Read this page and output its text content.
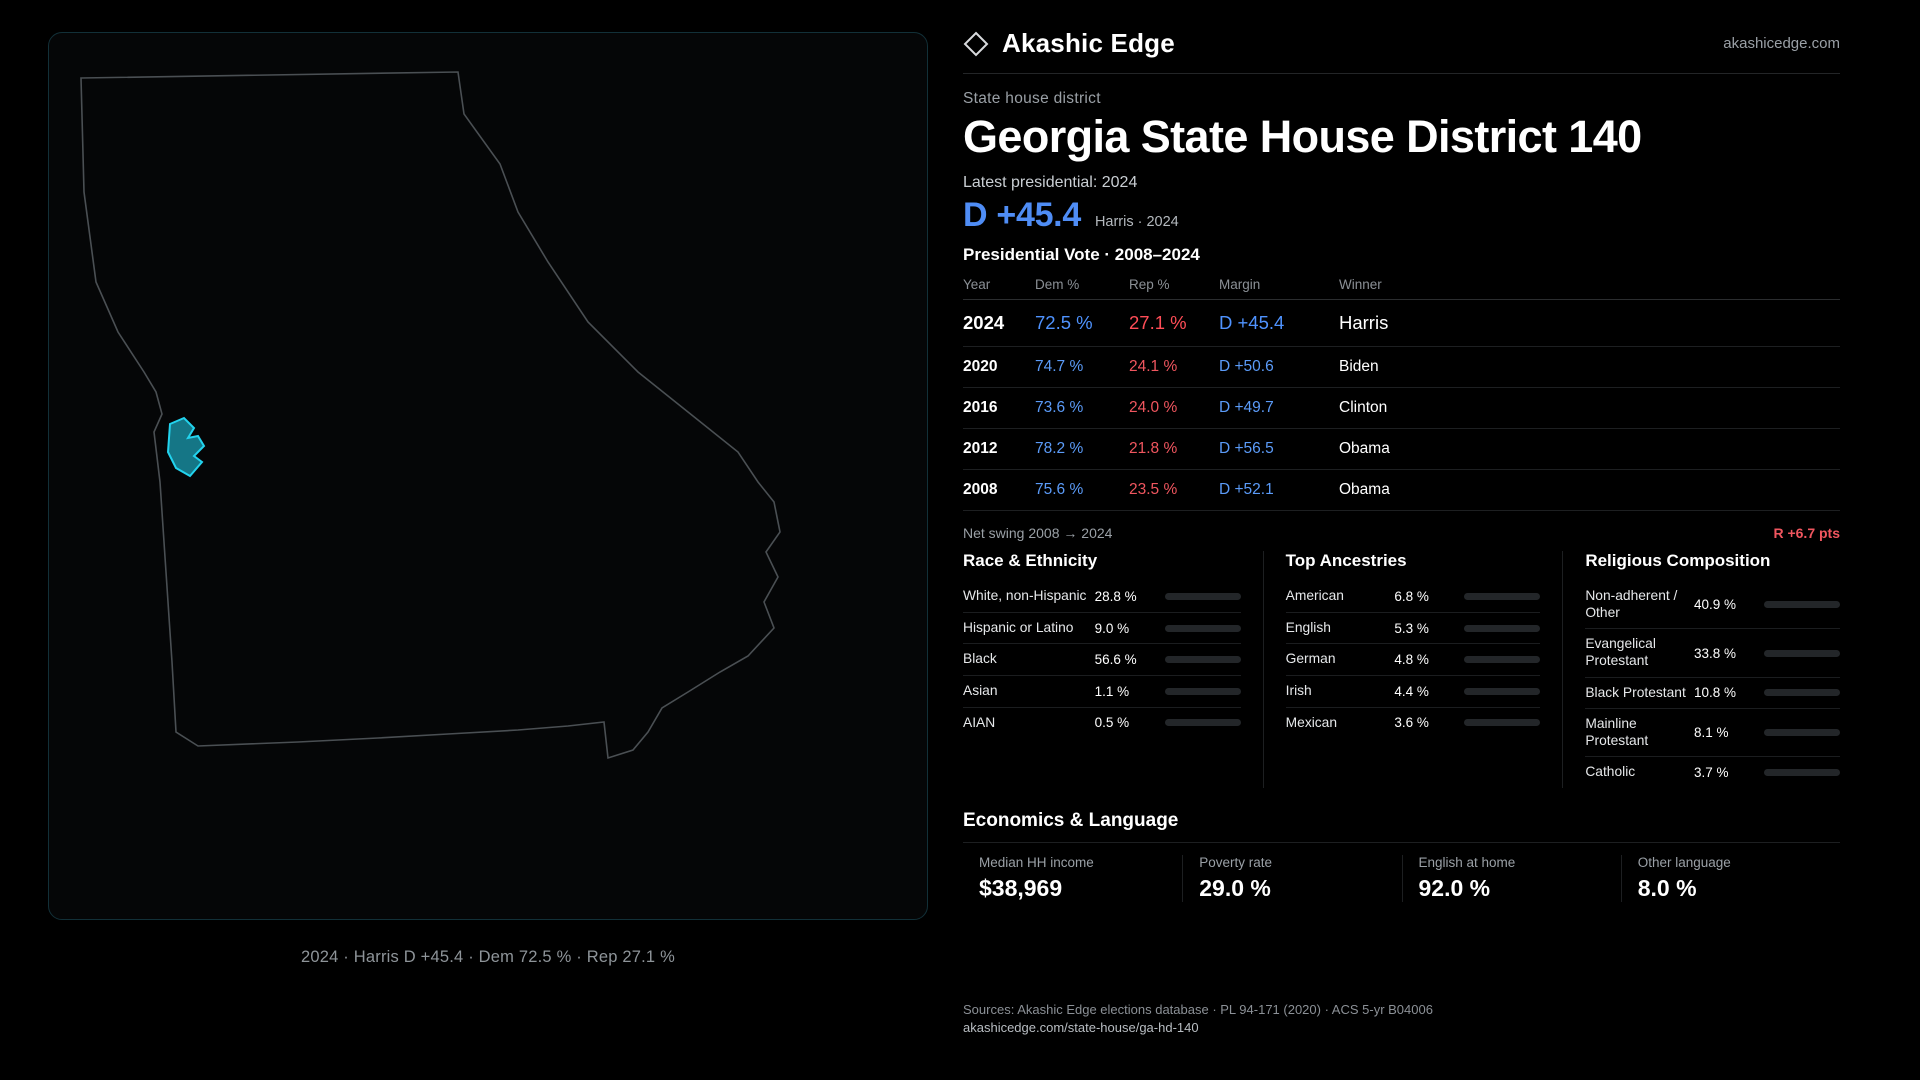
2024 · Harris D +45.4 · Dem 72.5 % · Rep 27.1 %
Akashic Edge	akashicedge.com
State house district
Georgia State House District 140
Latest presidential: 2024
D +45.4 Harris · 2024
Presidential Vote · 2008–2024
Year	Dem %	Rep %	Margin	Winner
2024	72.5 %	27.1 %	D +45.4	Harris
2020	74.7 %	24.1 %	D +50.6	Biden
2016	73.6 %	24.0 %	D +49.7	Clinton
2012	78.2 %	21.8 %	D +56.5	Obama
2008	75.6 %	23.5 %	D +52.1	Obama
Net swing 2008 → 2024	R +6.7 pts
Race & Ethnicity
White, non-Hispanic 28.8 %
Hispanic or Latino	9.0 %
Black	56.6 %
Asian	1.1 %
AIAN	0.5 %
Top Ancestries
American	6.8 %
English	5.3 %
German	4.8 %
Irish	4.4 %
Mexican	3.6 %
Religious Composition
Non-adherent / Other	40.9 %
Evangelical Protestant	33.8 %
Black Protestant 10.8 %
Mainline Protestant	8.1 %
Catholic	3.7 %
Economics & Language
Median HH income
$38,969
Poverty rate
29.0 %
English at home
92.0 %
Other language
8.0 %
Sources: Akashic Edge elections database · PL 94-171 (2020) · ACS 5-yr B04006
akashicedge.com/state-house/ga-hd-140
